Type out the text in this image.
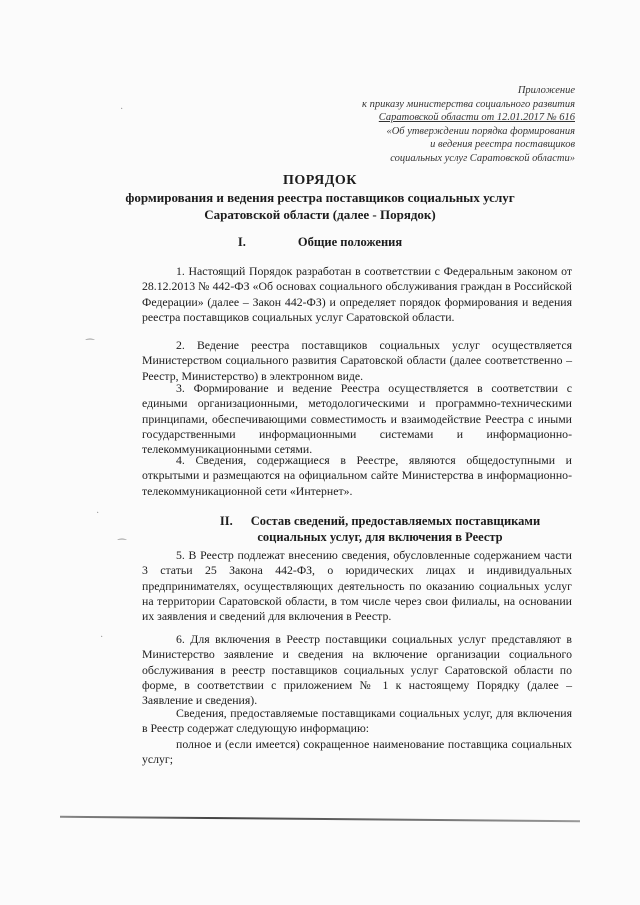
·
⁀
·
⁀
·
Приложение
к приказу министерства социального развития
Саратовской области от 12.01.2017 № 616
«Об утверждении порядка формирования
и ведения реестра поставщиков
социальных услуг Саратовской области»
ПОРЯДОК
формирования и ведения реестра поставщиков социальных услуг
Саратовской области (далее - Порядок)
I.	Общие положения
1. Настоящий Порядок разработан в соответствии с Федеральным законом от 28.12.2013 № 442-ФЗ «Об основах социального обслуживания граждан в Российской Федерации» (далее – Закон 442-ФЗ) и определяет порядок формирования и ведения реестра поставщиков социальных услуг Саратовской области.
2. Ведение реестра поставщиков социальных услуг осуществляется Министерством социального развития Саратовской области (далее соответственно – Реестр, Министерство) в электронном виде.
3. Формирование и ведение Реестра осуществляется в соответствии с едиными организационными, методологическими и программно-техническими принципами, обеспечивающими совместимость и взаимодействие Реестра с иными государственными информационными системами и информационно-телекоммуникационными сетями.
4. Сведения, содержащиеся в Реестре, являются общедоступными и открытыми и размещаются на официальном сайте Министерства в информационно-телекоммуникационной сети «Интернет».
II. Состав сведений, предоставляемых поставщиками
социальных услуг, для включения в Реестр
5. В Реестр подлежат внесению сведения, обусловленные содержанием части 3 статьи 25 Закона 442-ФЗ, о юридических лицах и индивидуальных предпринимателях, осуществляющих деятельность по оказанию социальных услуг на территории Саратовской области, в том числе через свои филиалы, на основании их заявления и сведений для включения в Реестр.
6. Для включения в Реестр поставщики социальных услуг представляют в Министерство заявление и сведения на включение организации социального обслуживания в реестр поставщиков социальных услуг Саратовской области по форме, в соответствии с приложением № 1 к настоящему Порядку (далее – Заявление и сведения).
Сведения, предоставляемые поставщиками социальных услуг, для включения в Реестр содержат следующую информацию:
полное и (если имеется) сокращенное наименование поставщика социальных услуг;
